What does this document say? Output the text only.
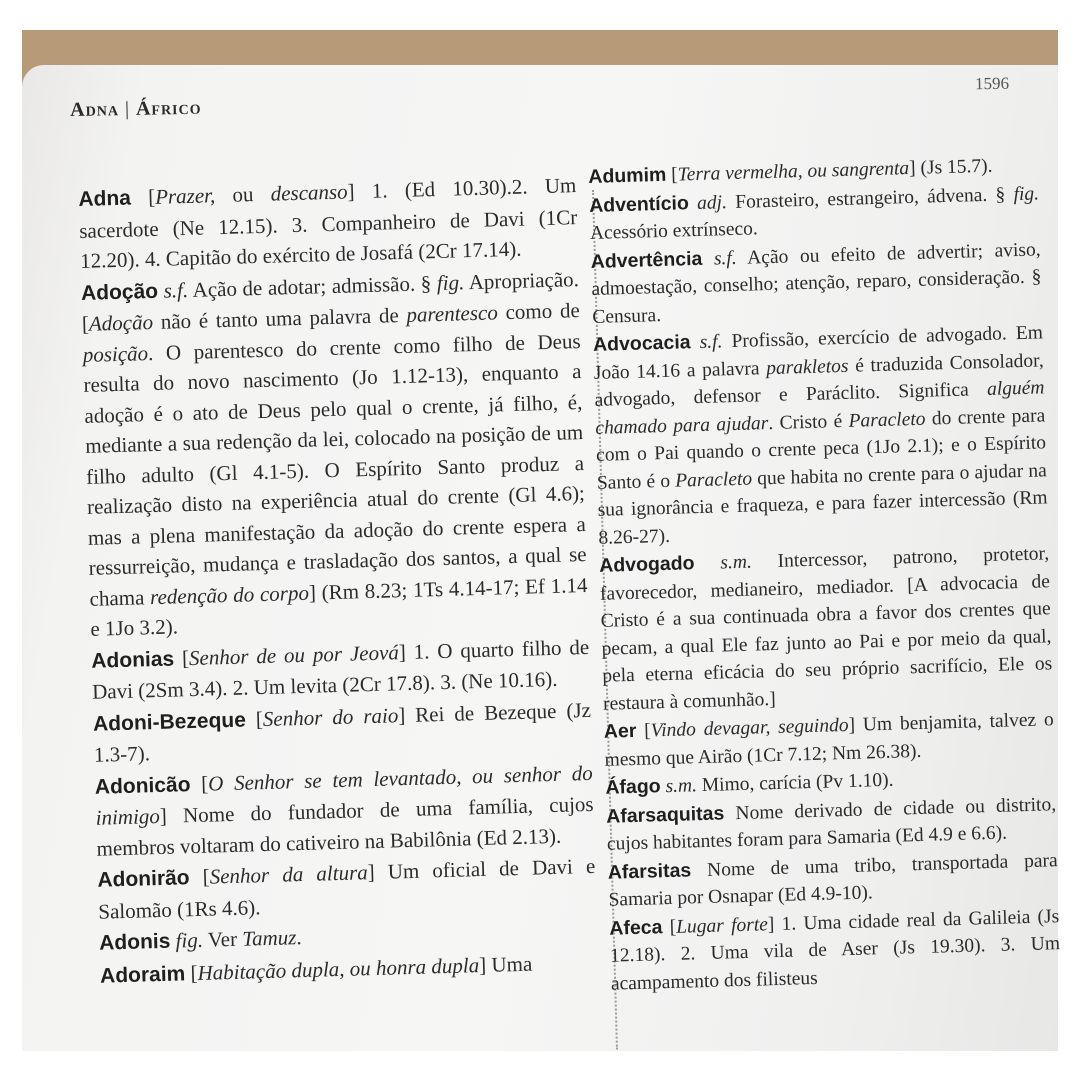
Adna | Áfrico
1596
Adna [Prazer, ou descanso] 1. (Ed 10.30).2. Um sacerdote (Ne 12.15). 3. Companheiro de Davi (1Cr 12.20). 4. Capitão do exército de Josafá (2Cr 17.14).
Adoção s.f. Ação de adotar; admissão. § fig. Apropriação. [Adoção não é tanto uma palavra de parentesco como de posição. O parentesco do crente como filho de Deus resulta do novo nascimento (Jo 1.12-13), enquanto a adoção é o ato de Deus pelo qual o crente, já filho, é, mediante a sua redenção da lei, colocado na posição de um filho adulto (Gl 4.1-5). O Espírito Santo produz a realização disto na experiência atual do crente (Gl 4.6); mas a plena manifestação da adoção do crente espera a ressurreição, mudança e trasladação dos santos, a qual se chama redenção do corpo] (Rm 8.23; 1Ts 4.14-17; Ef 1.14 e 1Jo 3.2).
Adonias [Senhor de ou por Jeová] 1. O quarto filho de Davi (2Sm 3.4). 2. Um levita (2Cr 17.8). 3. (Ne 10.16).
Adoni-Bezeque [Senhor do raio] Rei de Bezeque (Jz 1.3-7).
Adonicão [O Senhor se tem levantado, ou senhor do inimigo] Nome do fundador de uma família, cujos membros voltaram do cativeiro na Babilônia (Ed 2.13).
Adonirão [Senhor da altura] Um oficial de Davi e Salomão (1Rs 4.6).
Adonis fig. Ver Tamuz.
Adoraim [Habitação dupla, ou honra dupla] Uma
Adumim [Terra vermelha, ou sangrenta] (Js 15.7).
Adventício adj. Forasteiro, estrangeiro, ádvena. § fig. Acessório extrínseco.
Advertência s.f. Ação ou efeito de advertir; aviso, admoestação, conselho; atenção, reparo, consideração. § Censura.
Advocacia s.f. Profissão, exercício de advogado. Em João 14.16 a palavra parakletos é traduzida Consolador, advogado, defensor e Paráclito. Significa alguém chamado para ajudar. Cristo é Paracleto do crente para com o Pai quando o crente peca (1Jo 2.1); e o Espírito Santo é o Paracleto que habita no crente para o ajudar na sua ignorância e fraqueza, e para fazer intercessão (Rm 8.26-27).
Advogado s.m. Intercessor, patrono, protetor, favorecedor, medianeiro, mediador. [A advocacia de Cristo é a sua continuada obra a favor dos crentes que pecam, a qual Ele faz junto ao Pai e por meio da qual, pela eterna eficácia do seu próprio sacrifício, Ele os restaura à comunhão.]
Aer [Vindo devagar, seguindo] Um benjamita, talvez o mesmo que Airão (1Cr 7.12; Nm 26.38).
Áfago s.m. Mimo, carícia (Pv 1.10).
Afarsaquitas Nome derivado de cidade ou distrito, cujos habitantes foram para Samaria (Ed 4.9 e 6.6).
Afarsitas Nome de uma tribo, transportada para Samaria por Osnapar (Ed 4.9-10).
Afeca [Lugar forte] 1. Uma cidade real da Galileia (Js 12.18). 2. Uma vila de Aser (Js 19.30). 3. Um acampamento dos filisteus
